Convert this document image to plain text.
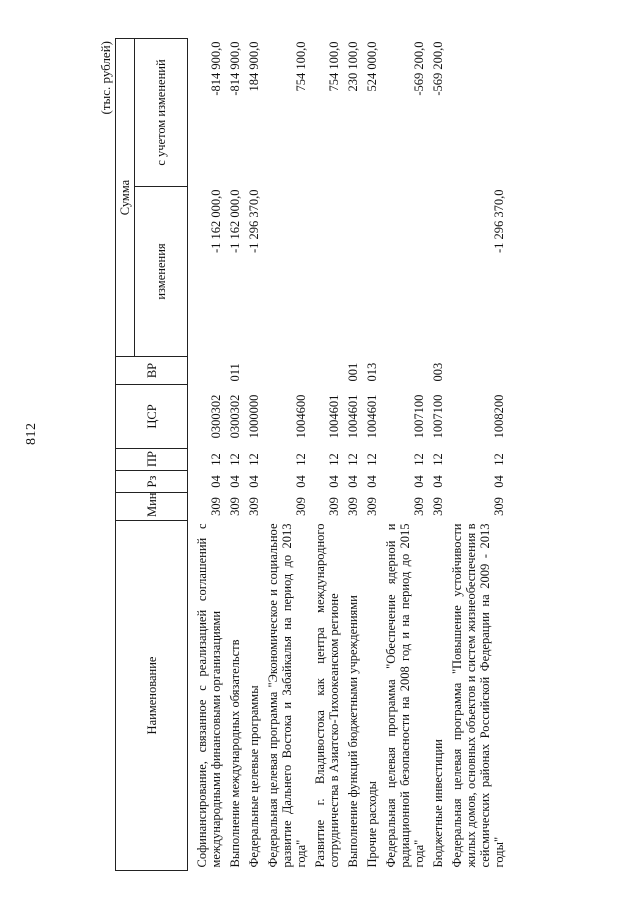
812
(тыс. рублей)
Наименование	Мин	Рз	ПР	ЦСР	ВР	Сумма	
						изменения	с учетом изменений

Софинансирование, связанное с реализацией соглашений с международными финансовыми организациями	309	04	12	0300302		-1 162 000,0	-814 900,0
Выполнение международных обязательств	309	04	12	0300302	011	-1 162 000,0	-814 900,0
Федеральные целевые программы	309	04	12	1000000		-1 296 370,0	184 900,0
Федеральная целевая программа "Экономическое и социальное развитие Дальнего Востока и Забайкалья на период до 2013 года"	309	04	12	1004600			754 100,0
Развитие г. Владивостока как центра международного сотрудничества в Азиатско-Тихоокеанском регионе	309	04	12	1004601			754 100,0
Выполнение функций бюджетными учреждениями	309	04	12	1004601	001		230 100,0
Прочие расходы	309	04	12	1004601	013		524 000,0
Федеральная целевая программа "Обеспечение ядерной и радиационной безопасности на 2008 год и на период до 2015 года"	309	04	12	1007100			-569 200,0
Бюджетные инвестиции	309	04	12	1007100	003		-569 200,0
Федеральная целевая программа "Повышение устойчивости жилых домов, основных объектов и систем жизнеобеспечения в сейсмических районах Российской Федерации на 2009 - 2013 годы"	309	04	12	1008200		-1 296 370,0	
